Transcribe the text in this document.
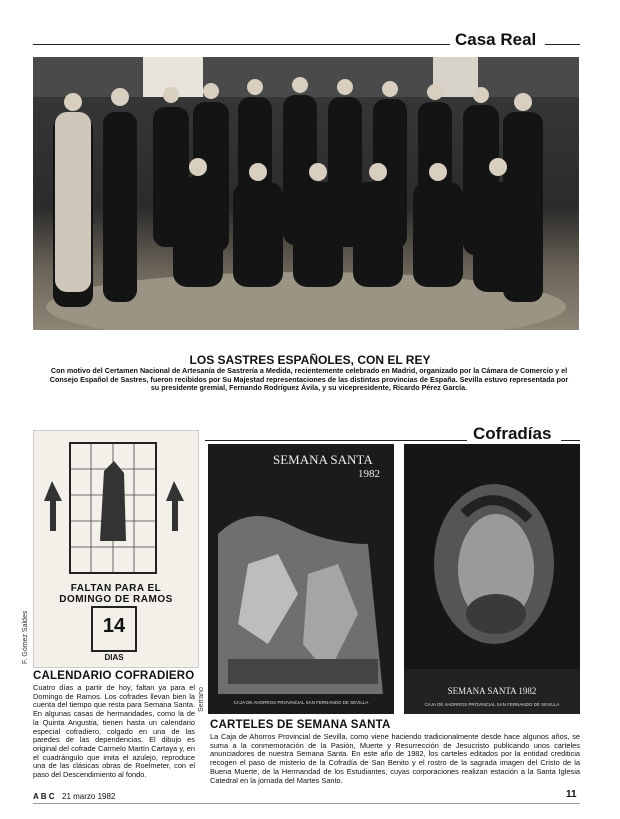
Casa Real
LOS SASTRES ESPAÑOLES, CON EL REY
Con motivo del Certamen Nacional de Artesanía de Sastrería a Medida, recientemente celebrado en Madrid, organizado por la Cámara de Comercio y el Consejo Español de Sastres, fueron recibidos por Su Majestad representaciones de las distintas provincias de España. Sevilla estuvo representada por su presidente gremial, Fernando Rodríguez Ávila, y su vicepresidente, Ricardo Pérez García.
Cofradías
FALTAN PARA EL DOMINGO DE RAMOS
14
DIAS
F. Gómez Saldes
SEMANA SANTA
1982
CAJA DE AHORROS PROVINCIAL SAN FERNANDO DE SEVILLA
Serrano	SEMANA SANTA 1982
CAJA DE AHORROS PROVINCIAL SAN FERNANDO DE SEVILLA
CALENDARIO COFRADIERO
Cuatro días a partir de hoy, faltan ya para el Domingo de Ramos. Los cofrades llevan bien la cuenta del tiempo que resta para Semana Santa. En algunas casas de hermandades, como la de la Quinta Angustia, tienen hasta un calendario especial cofradiero, colgado en una de las paredes de las dependencias. El dibujo es original del cofrade Carmelo Martín Cartaya y, en el cuadrángulo que imita el azulejo, reproduce una de las clásicas obras de Roelmeter, con el paso del Descendimiento al fondo.
CARTELES DE SEMANA SANTA
La Caja de Ahorros Provincial de Sevilla, como viene haciendo tradicionalmente desde hace algunos años, se suma a la conmemoración de la Pasión, Muerte y Resurrección de Jesucristo publicando unos carteles anunciadores de nuestra Semana Santa. En este año de 1982, los carteles editados por la entidad crediticia recogen el paso de misterio de la Cofradía de San Benito y el rostro de la sagrada imagen del Cristo de la Buena Muerte, de la Hermandad de los Estudiantes, cuyas corporaciones realizan estación a la Santa Iglesia Catedral en la jornada del Martes Santo.
A B C 21 marzo 1982	11
